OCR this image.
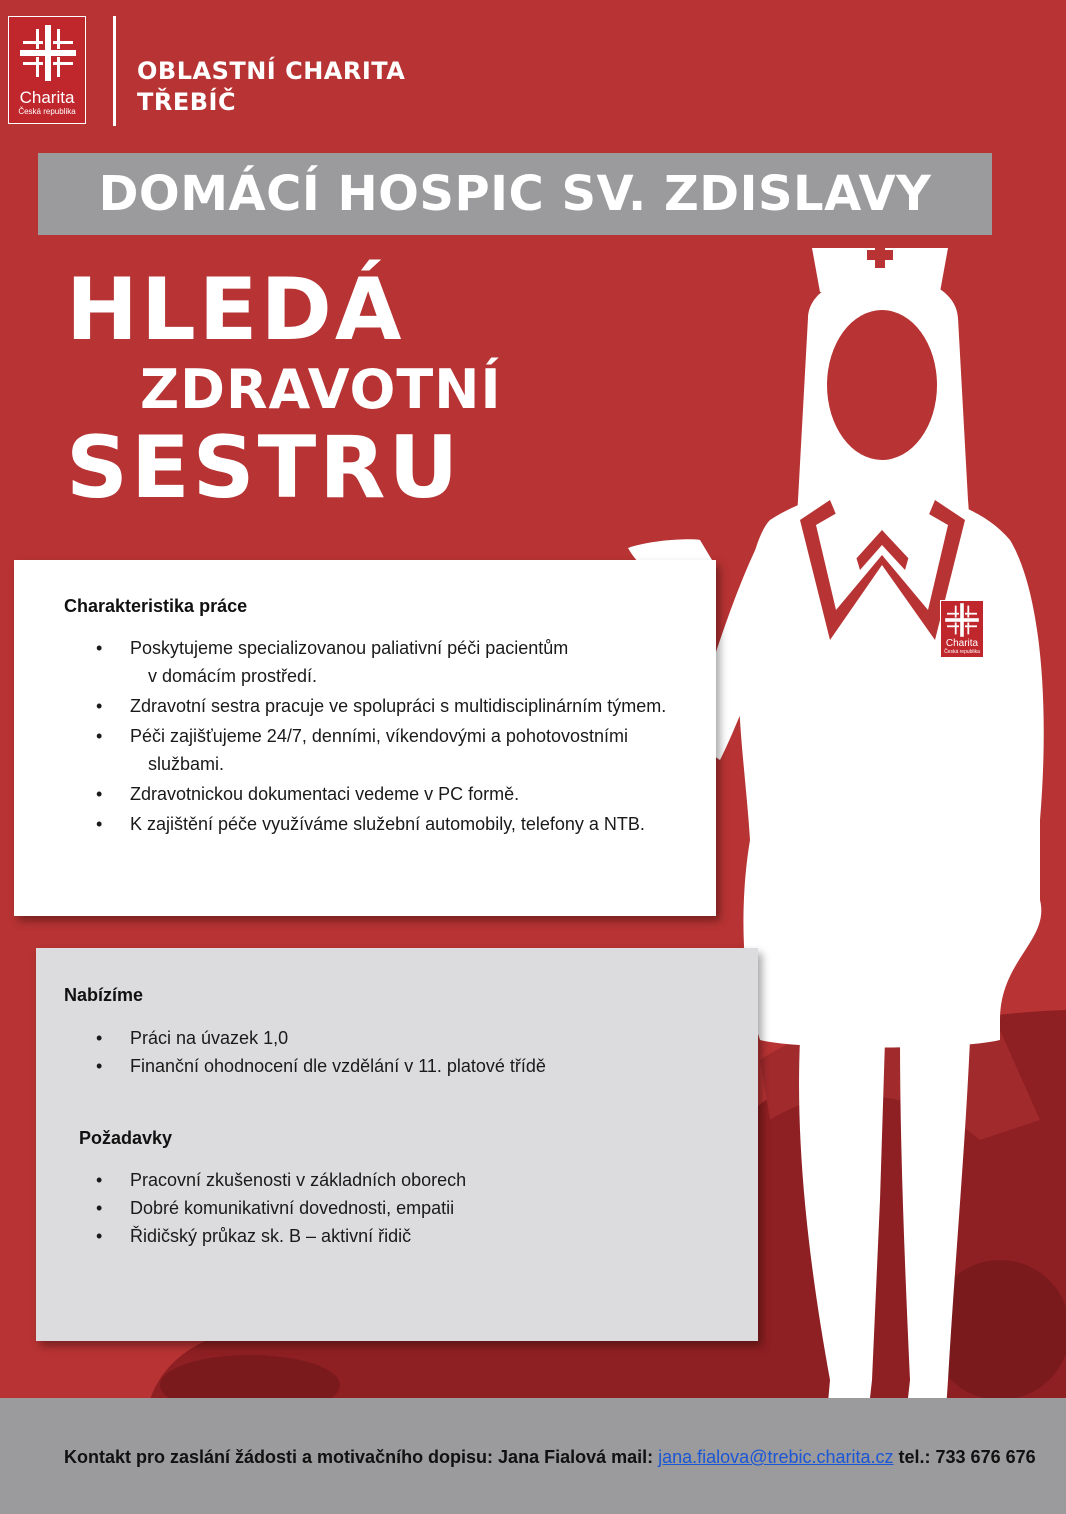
Charita
Česká republika
Charita
Česká republika
OBLASTNÍ CHARITA
TŘEBÍČ
DOMÁCÍ HOSPIC SV. ZDISLAVY
HLEDÁ
ZDRAVOTNÍ
SESTRU
Charakteristika práce
• Poskytujeme specializovanou paliativní péči pacientům
v domácím prostředí.
• Zdravotní sestra pracuje ve spolupráci s multidisciplinárním týmem.
• Péči zajišťujeme 24/7, denními, víkendovými a pohotovostními
službami.
• Zdravotnickou dokumentaci vedeme v PC formě.
• K zajištění péče využíváme služební automobily, telefony a NTB.
Nabízíme
• Práci na úvazek 1,0
• Finanční ohodnocení dle vzdělání v 11. platové třídě
Požadavky
• Pracovní zkušenosti v základních oborech
• Dobré komunikativní dovednosti, empatii
• Řidičský průkaz sk. B – aktivní řidič
Kontakt pro zaslání žádosti a motivačního dopisu: Jana Fialová mail: jana.fialova@trebic.charita.cz tel.: 733 676 676
